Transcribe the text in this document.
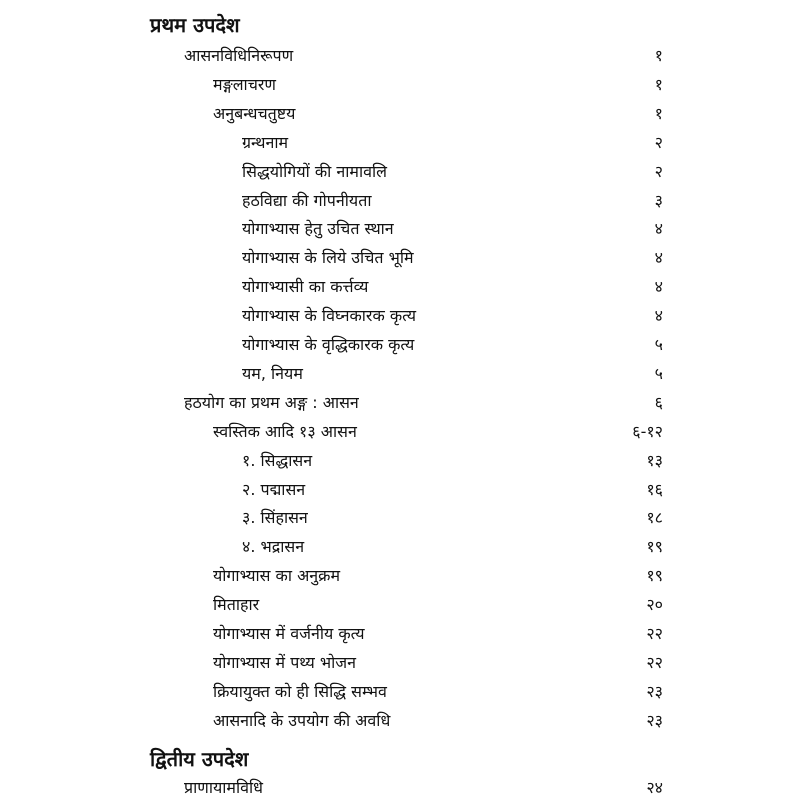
प्रथम उपदेश
आसनविधिनिरूपण	१
मङ्गलाचरण	१
अनुबन्धचतुष्टय	१
ग्रन्थनाम	२
सिद्धयोगियों की नामावलि	२
हठविद्या की गोपनीयता	३
योगाभ्यास हेतु उचित स्थान	४
योगाभ्यास के लिये उचित भूमि	४
योगाभ्यासी का कर्त्तव्य	४
योगाभ्यास के विघ्नकारक कृत्य	४
योगाभ्यास के वृद्धिकारक कृत्य	५
यम, नियम	५
हठयोग का प्रथम अङ्ग : आसन	६
स्वस्तिक आदि १३ आसन	६-१२
१. सिद्धासन	१३
२. पद्मासन	१६
३. सिंहासन	१८
४. भद्रासन	१९
योगाभ्यास का अनुक्रम	१९
मिताहार	२०
योगाभ्यास में वर्जनीय कृत्य	२२
योगाभ्यास में पथ्य भोजन	२२
क्रियायुक्त को ही सिद्धि सम्भव	२३
आसनादि के उपयोग की अवधि	२३
द्वितीय उपदेश
प्राणायामविधि	२४
